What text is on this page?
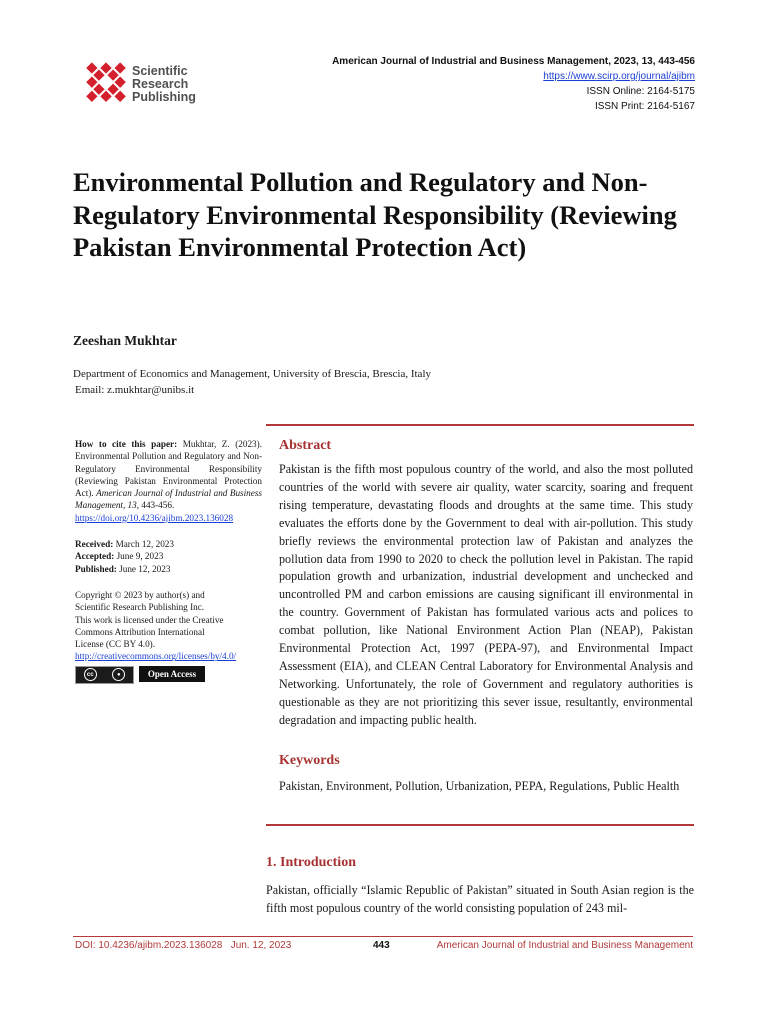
Scientific
Research
Publishing
American Journal of Industrial and Business Management, 2023, 13, 443-456
https://www.scirp.org/journal/ajibm
ISSN Online: 2164-5175
ISSN Print: 2164-5167
Environmental Pollution and Regulatory and Non-Regulatory Environmental Responsibility (Reviewing Pakistan Environmental Protection Act)
Zeeshan Mukhtar
Department of Economics and Management, University of Brescia, Brescia, Italy
Email: z.mukhtar@unibs.it
How to cite this paper: Mukhtar, Z. (2023). Environmental Pollution and Regulatory and Non-Regulatory Environmental Responsibility (Reviewing Pakistan Environmental Protection Act). American Journal of Industrial and Business Management, 13, 443-456.
https://doi.org/10.4236/ajibm.2023.136028
Received: March 12, 2023
Accepted: June 9, 2023
Published: June 12, 2023
Copyright © 2023 by author(s) and
Scientific Research Publishing Inc.
This work is licensed under the Creative
Commons Attribution International
License (CC BY 4.0).
http://creativecommons.org/licenses/by/4.0/
cc	●	Open Access
Abstract
Pakistan is the fifth most populous country of the world, and also the most polluted countries of the world with severe air quality, water scarcity, soaring and frequent rising temperature, devastating floods and droughts at the same time. This study evaluates the efforts done by the Government to deal with air-pollution. This study briefly reviews the environmental protection law of Pakistan and analyzes the pollution data from 1990 to 2020 to check the pollution level in Pakistan. The rapid population growth and urbanization, industrial development and unchecked and uncontrolled PM and carbon emissions are causing significant ill environmental in the country. Government of Pakistan has formulated various acts and polices to combat pollution, like National Environment Action Plan (NEAP), Pakistan Environmental Protection Act, 1997 (PEPA-97), and Environmental Impact Assessment (EIA), and CLEAN Central Laboratory for Environmental Analysis and Networking. Unfortunately, the role of Government and regulatory authorities is questionable as they are not prioritizing this sever issue, resultantly, environmental degradation and impacting public health.
Keywords
Pakistan, Environment, Pollution, Urbanization, PEPA, Regulations, Public Health
1. Introduction
Pakistan, officially “Islamic Republic of Pakistan” situated in South Asian region is the fifth most populous country of the world consisting population of 243 mil-
DOI: 10.4236/ajibm.2023.136028 Jun. 12, 2023	443	American Journal of Industrial and Business Management
